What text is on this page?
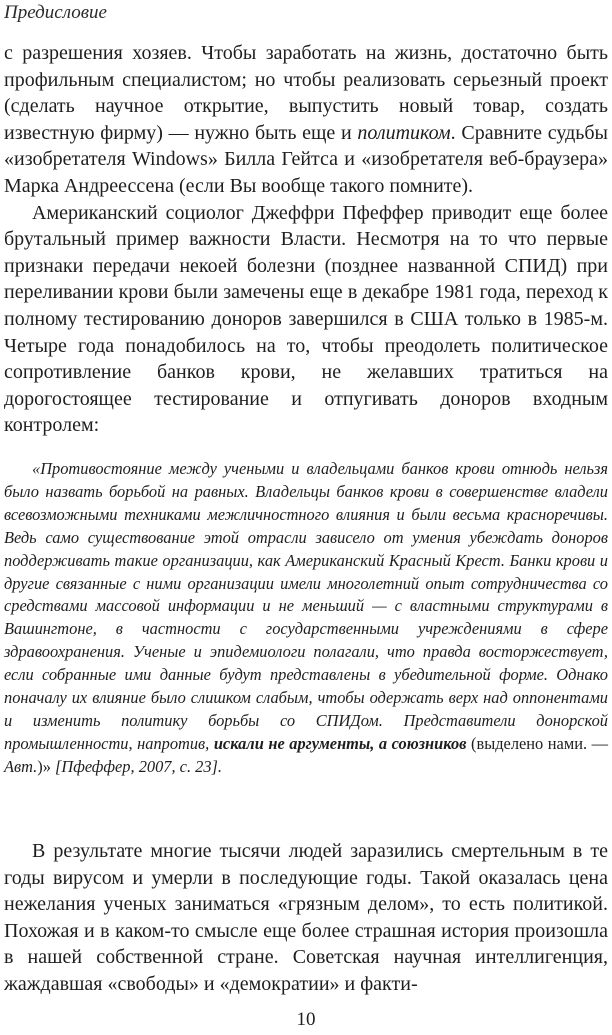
Предисловие

с разрешения хозяев. Чтобы заработать на жизнь, достаточно быть профильным специалистом; но чтобы реализовать серьезный проект (сделать научное открытие, выпустить новый товар, создать известную фирму) — нужно быть еще и политиком. Сравните судьбы «изобретателя Windows» Билла Гейтса и «изобретателя веб-браузера» Марка Андреессена (если Вы вообще такого помните).

Американский социолог Джеффри Пфеффер приводит еще более брутальный пример важности Власти. Несмотря на то что первые признаки передачи некоей болезни (позднее названной СПИД) при переливании крови были замечены еще в декабре 1981 года, переход к полному тестированию доноров завершился в США только в 1985-м. Четыре года понадобилось на то, чтобы преодолеть политическое сопротивление банков крови, не желавших тратиться на дорогостоящее тестирование и отпугивать доноров входным контролем:

«Противостояние между учеными и владельцами банков крови отнюдь нельзя было назвать борьбой на равных. Владельцы банков крови в совершенстве владели всевозможными техниками межличностного влияния и были весьма красноречивы. Ведь само существование этой отрасли зависело от умения убеждать доноров поддерживать такие организации, как Американский Красный Крест. Банки крови и другие связанные с ними организации имели многолетний опыт сотрудничества со средствами массовой информации и не меньший — с властными структурами в Вашингтоне, в частности с государственными учреждениями в сфере здравоохранения. Ученые и эпидемиологи полагали, что правда восторжествует, если собранные ими данные будут представлены в убедительной форме. Однако поначалу их влияние было слишком слабым, чтобы одержать верх над оппонентами и изменить политику борьбы со СПИДом. Представители донорской промышленности, напротив, искали не аргументы, а союзников (выделено нами. — Авт.)» [Пфеффер, 2007, с. 23].

В результате многие тысячи людей заразились смертельным в те годы вирусом и умерли в последующие годы. Такой оказалась цена нежелания ученых заниматься «грязным делом», то есть политикой. Похожая и в каком-то смысле еще более страшная история произошла в нашей собственной стране. Советская научная интеллигенция, жаждавшая «свободы» и «демократии» и факти-

10
